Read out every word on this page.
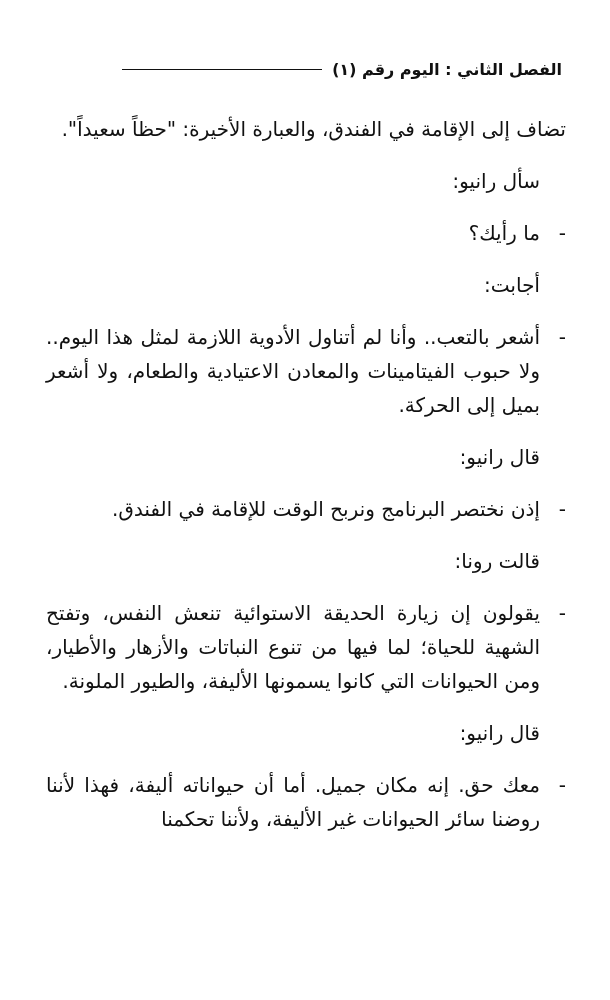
الفصل الثاني : اليوم رقم (١)

تضاف إلى الإقامة في الفندق، والعبارة الأخيرة: "حظاً سعيداً".

سأل رانيو:

-
ما رأيك؟

أجابت:

-
أشعر بالتعب.. وأنا لم أتناول الأدوية اللازمة لمثل هذا اليوم.. ولا حبوب الفيتامينات والمعادن الاعتيادية والطعام، ولا أشعر بميل إلى الحركة.

قال رانيو:

-
إذن نختصر البرنامج ونربح الوقت للإقامة في الفندق.

قالت رونا:

-
يقولون إن زيارة الحديقة الاستوائية تنعش النفس، وتفتح الشهية للحياة؛ لما فيها من تنوع النباتات والأزهار والأطيار، ومن الحيوانات التي كانوا يسمونها الأليفة، والطيور الملونة.

قال رانيو:

-
معك حق. إنه مكان جميل. أما أن حيواناته أليفة، فهذا لأننا روضنا سائر الحيوانات غير الأليفة، ولأننا تحكمنا
